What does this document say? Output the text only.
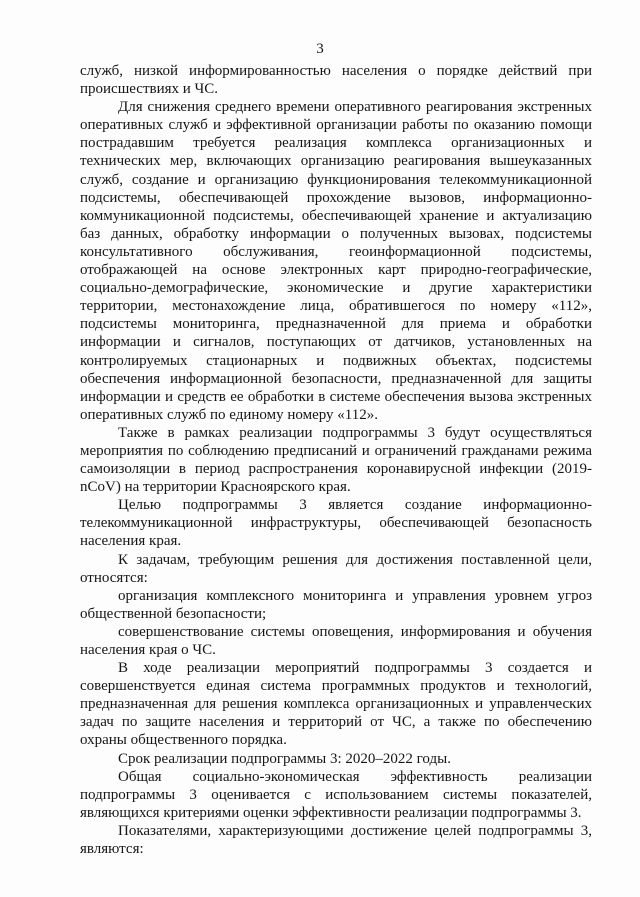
3

служб, низкой информированностью населения о порядке действий при происшествиях и ЧС.

Для снижения среднего времени оперативного реагирования экстренных оперативных служб и эффективной организации работы по оказанию помощи пострадавшим требуется реализация комплекса организационных и технических мер, включающих организацию реагирования вышеуказанных служб, создание и организацию функционирования телекоммуникационной подсистемы, обеспечивающей прохождение вызовов, информационно-коммуникационной подсистемы, обеспечивающей хранение и актуализацию баз данных, обработку информации о полученных вызовах, подсистемы консультативного обслуживания, геоинформационной подсистемы, отображающей на основе электронных карт природно-географические, социально-демографические, экономические и другие характеристики территории, местонахождение лица, обратившегося по номеру «112», подсистемы мониторинга, предназначенной для приема и обработки информации и сигналов, поступающих от датчиков, установленных на контролируемых стационарных и подвижных объектах, подсистемы обеспечения информационной безопасности, предназначенной для защиты информации и средств ее обработки в системе обеспечения вызова экстренных оперативных служб по единому номеру «112».

Также в рамках реализации подпрограммы 3 будут осуществляться мероприятия по соблюдению предписаний и ограничений гражданами режима самоизоляции в период распространения коронавирусной инфекции (2019-nCoV) на территории Красноярского края.

Целью подпрограммы 3 является создание информационно-телекоммуникационной инфраструктуры, обеспечивающей безопасность населения края.

К задачам, требующим решения для достижения поставленной цели, относятся:

организация комплексного мониторинга и управления уровнем угроз общественной безопасности;

совершенствование системы оповещения, информирования и обучения населения края о ЧС.

В ходе реализации мероприятий подпрограммы 3 создается и совершенствуется единая система программных продуктов и технологий, предназначенная для решения комплекса организационных и управленческих задач по защите населения и территорий от ЧС, а также по обеспечению охраны общественного порядка.

Срок реализации подпрограммы 3: 2020–2022 годы.

Общая социально-экономическая эффективность реализации подпрограммы 3 оценивается с использованием системы показателей, являющихся критериями оценки эффективности реализации подпрограммы 3.

Показателями, характеризующими достижение целей подпрограммы 3, являются:
